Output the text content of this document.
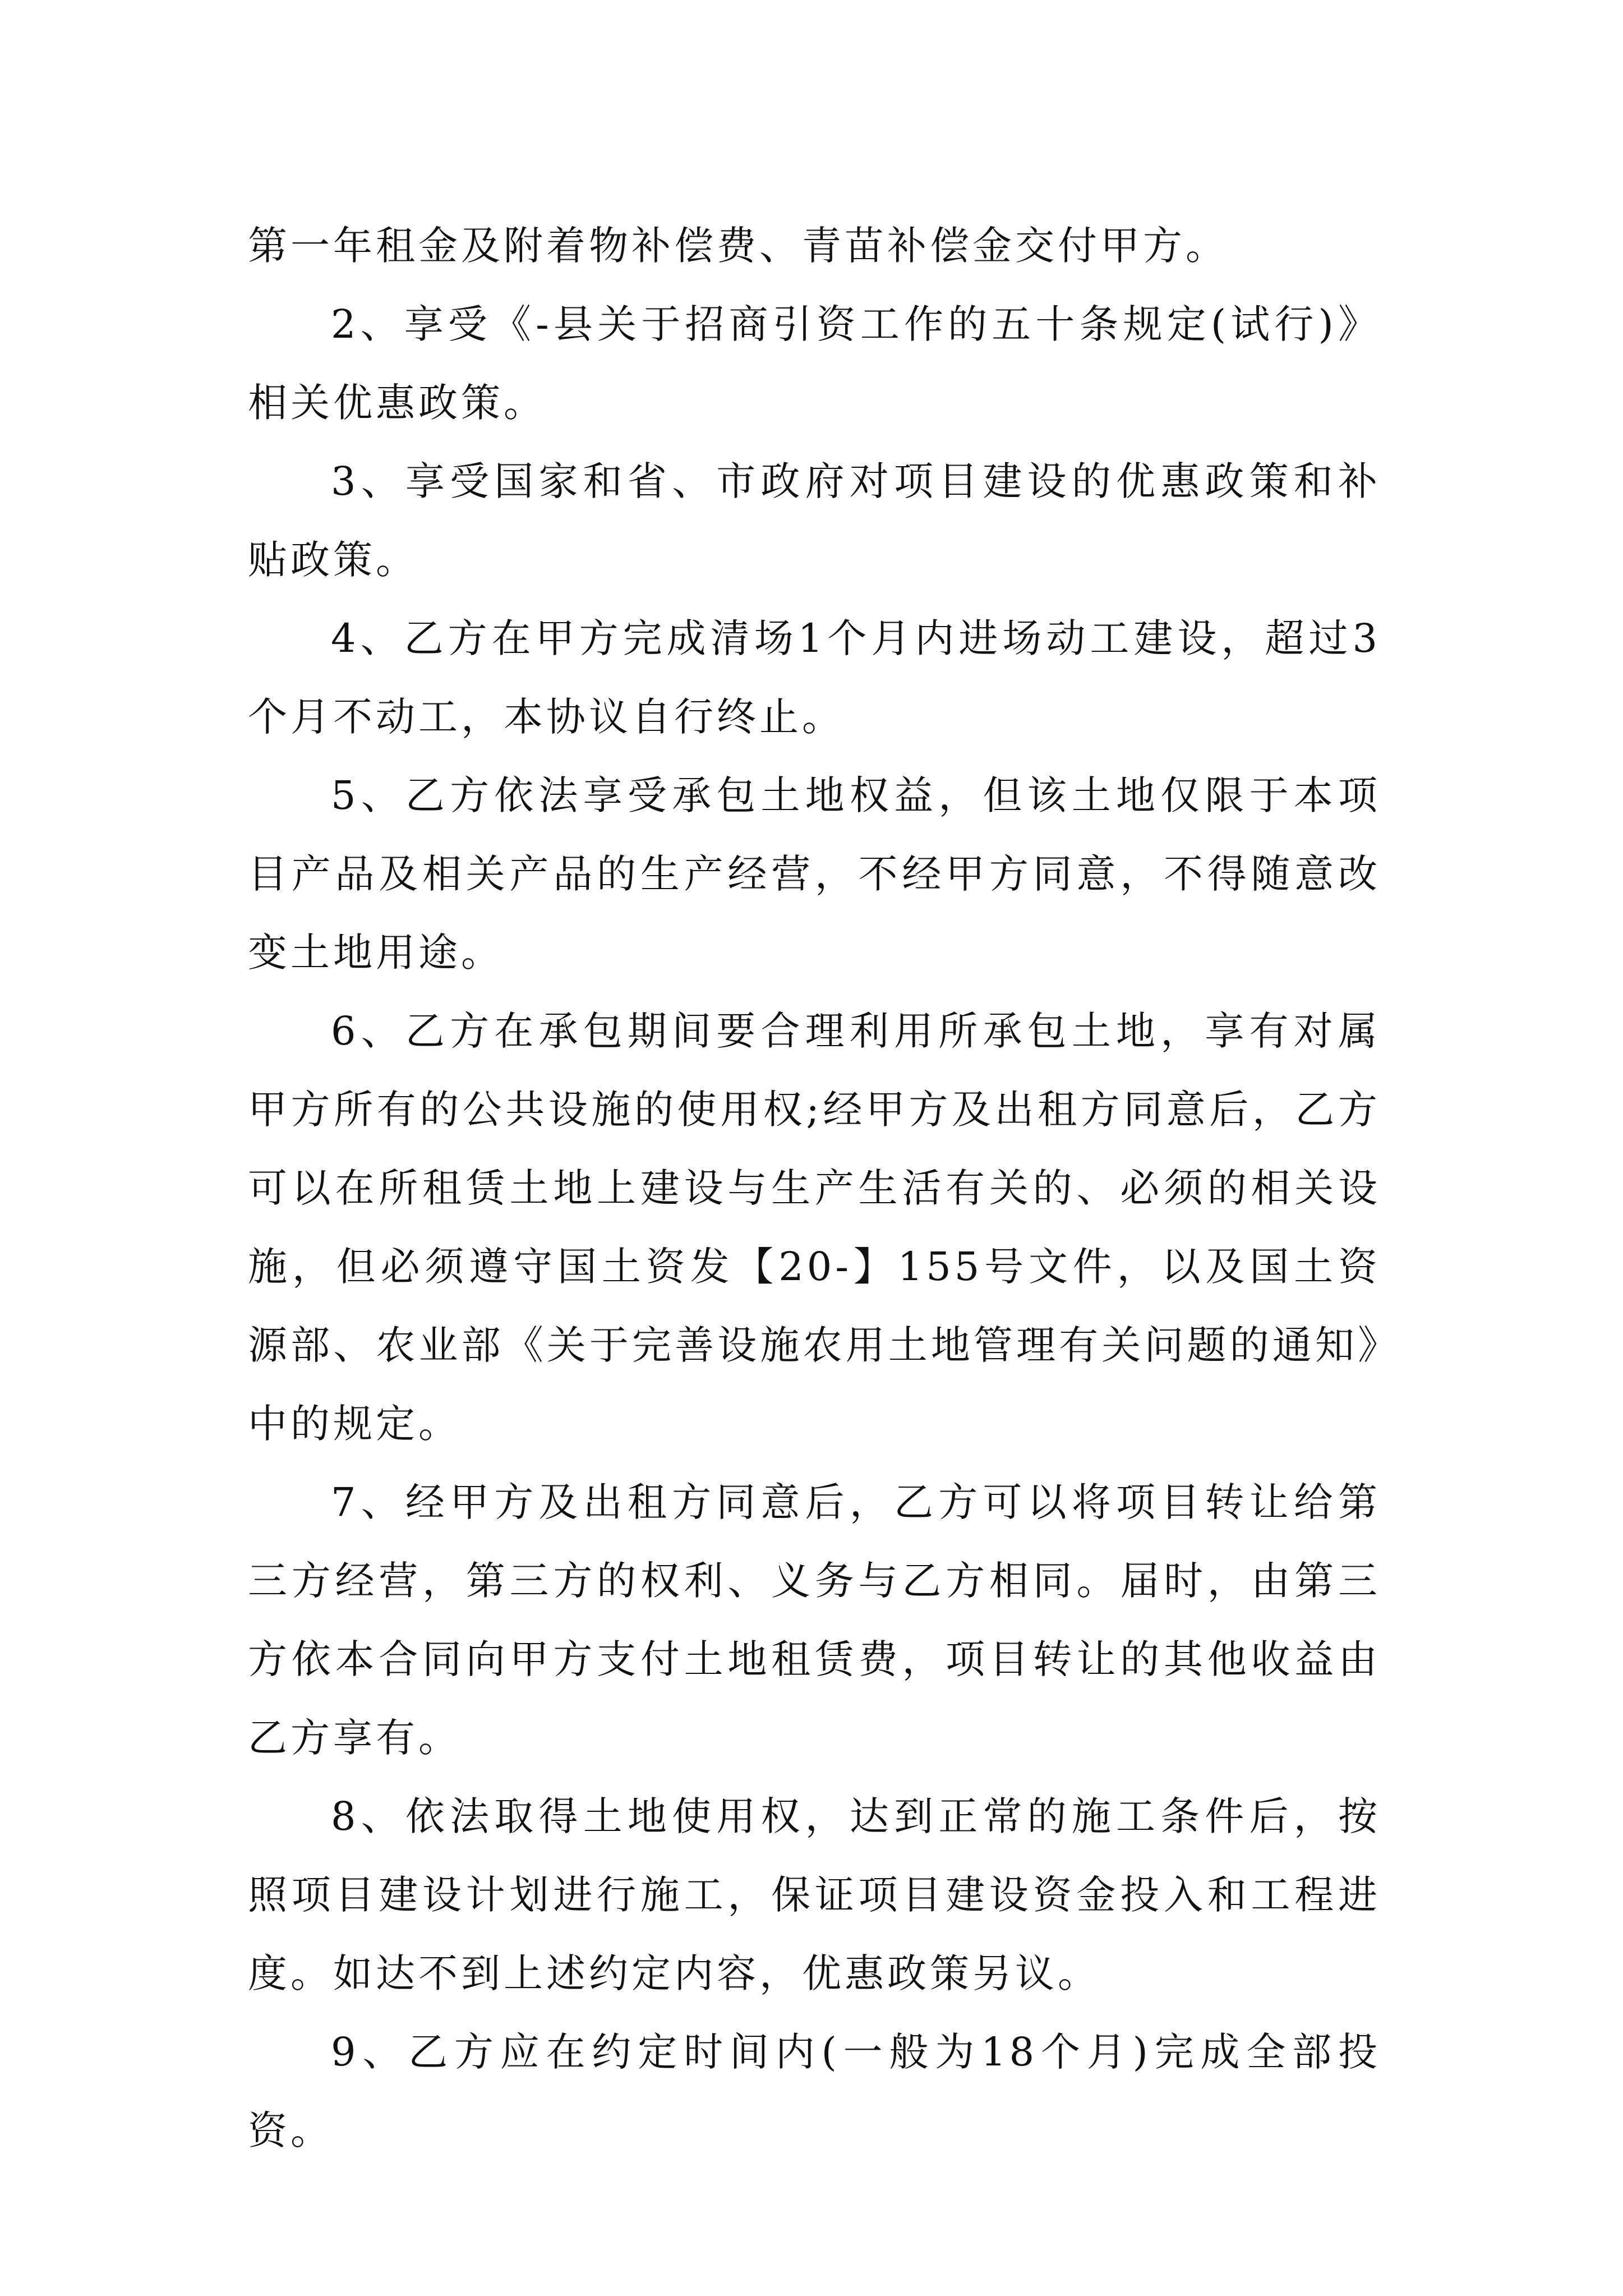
第一年租金及附着物补偿费、青苗补偿金交付甲方。

2、享受《-县关于招商引资工作的五十条规定(试行)》相关优惠政策。

3、享受国家和省、市政府对项目建设的优惠政策和补贴政策。

4、乙方在甲方完成清场1个月内进场动工建设，超过3个月不动工，本协议自行终止。

5、乙方依法享受承包土地权益，但该土地仅限于本项目产品及相关产品的生产经营，不经甲方同意，不得随意改变土地用途。

6、乙方在承包期间要合理利用所承包土地，享有对属甲方所有的公共设施的使用权;经甲方及出租方同意后，乙方可以在所租赁土地上建设与生产生活有关的、必须的相关设施，但必须遵守国土资发【20-】155号文件，以及国土资源部、农业部《关于完善设施农用土地管理有关问题的通知》中的规定。

7、经甲方及出租方同意后，乙方可以将项目转让给第三方经营，第三方的权利、义务与乙方相同。届时，由第三方依本合同向甲方支付土地租赁费，项目转让的其他收益由乙方享有。

8、依法取得土地使用权，达到正常的施工条件后，按照项目建设计划进行施工，保证项目建设资金投入和工程进度。如达不到上述约定内容，优惠政策另议。

9、乙方应在约定时间内(一般为18个月)完成全部投资。
